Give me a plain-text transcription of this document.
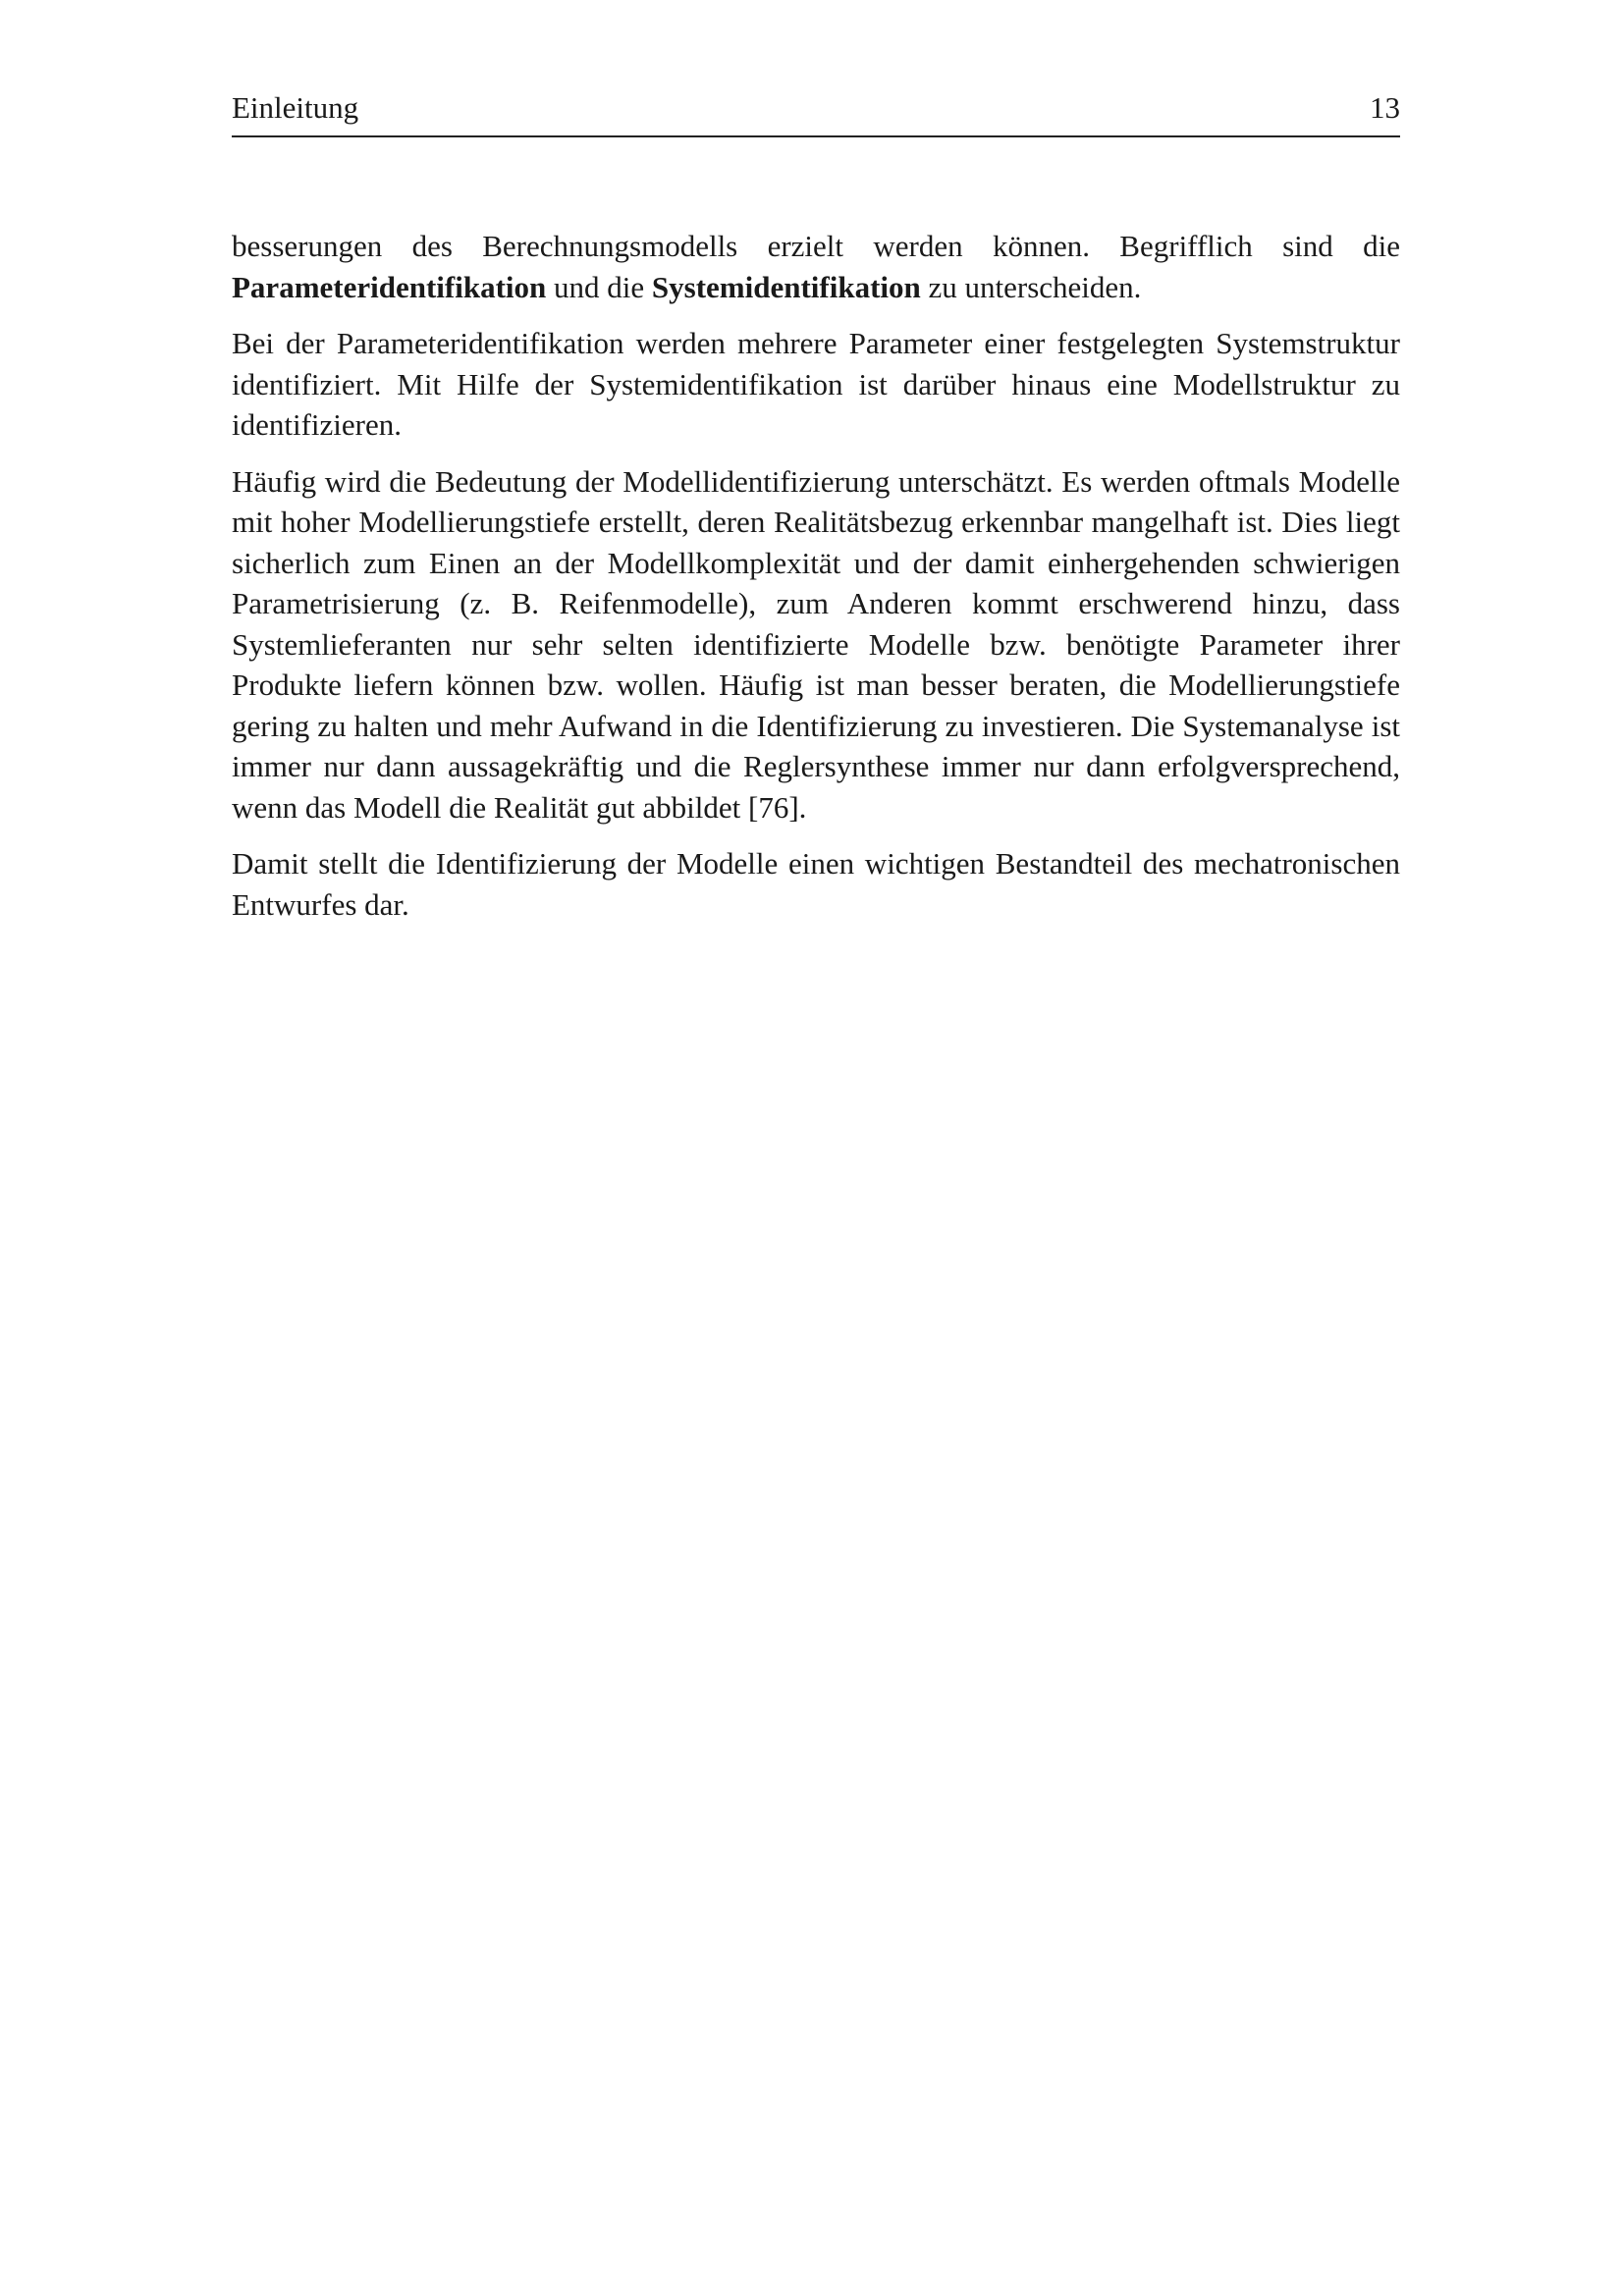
Einleitung	13

besserungen des Berechnungsmodells erzielt werden können. Begrifflich sind die Parameteridentifikation und die Systemidentifikation zu unterscheiden.

Bei der Parameteridentifikation werden mehrere Parameter einer festgelegten Systemstruktur identifiziert. Mit Hilfe der Systemidentifikation ist darüber hinaus eine Modellstruktur zu identifizieren.

Häufig wird die Bedeutung der Modellidentifizierung unterschätzt. Es werden oftmals Modelle mit hoher Modellierungstiefe erstellt, deren Realitätsbezug erkennbar mangelhaft ist. Dies liegt sicherlich zum Einen an der Modellkomplexität und der damit einhergehenden schwierigen Parametrisierung (z. B. Reifenmodelle), zum Anderen kommt erschwerend hinzu, dass Systemlieferanten nur sehr selten identifizierte Modelle bzw. benötigte Parameter ihrer Produkte liefern können bzw. wollen. Häufig ist man besser beraten, die Modellierungstiefe gering zu halten und mehr Aufwand in die Identifizierung zu investieren. Die Systemanalyse ist immer nur dann aussagekräftig und die Reglersynthese immer nur dann erfolgversprechend, wenn das Modell die Realität gut abbildet [76].

Damit stellt die Identifizierung der Modelle einen wichtigen Bestandteil des mechatronischen Entwurfes dar.
